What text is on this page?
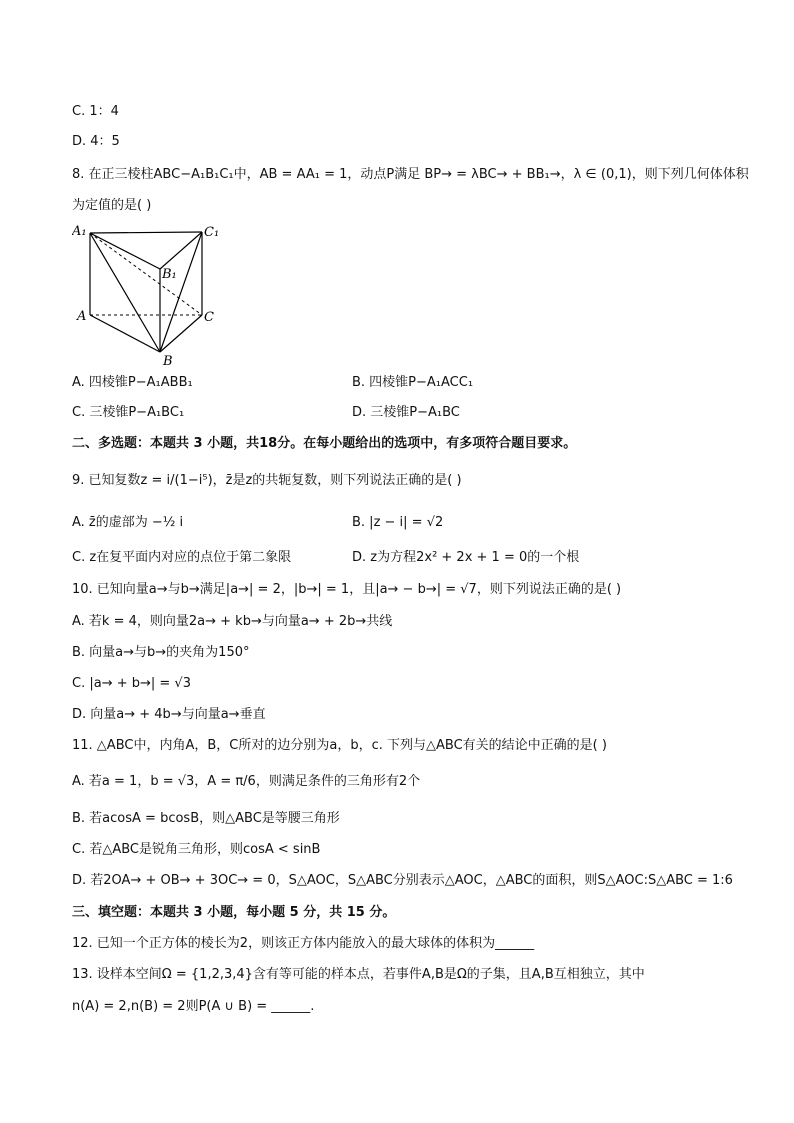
C. 1：4
D. 4：5
8. 在正三棱柱ABC−A₁B₁C₁中，AB = AA₁ = 1，动点P满足 BP→ = λBC→ + BB₁→，λ ∈ (0,1)，则下列几何体体积
为定值的是( )
A₁	C₁
B₁
A	C
B
A. 四棱锥P−A₁ABB₁	B. 四棱锥P−A₁ACC₁
C. 三棱锥P−A₁BC₁	D. 三棱锥P−A₁BC
二、多选题：本题共 3 小题，共18分。在每小题给出的选项中，有多项符合题目要求。
9. 已知复数z = i/(1−i⁵)，z̄是z的共轭复数，则下列说法正确的是( )
A. z̄的虚部为 −½ i	B. |z − i| = √2
C. z在复平面内对应的点位于第二象限	D. z为方程2x² + 2x + 1 = 0的一个根
10. 已知向量a→与b→满足|a→| = 2，|b→| = 1，且|a→ − b→| = √7，则下列说法正确的是( )
A. 若k = 4，则向量2a→ + kb→与向量a→ + 2b→共线
B. 向量a→与b→的夹角为150°
C. |a→ + b→| = √3
D. 向量a→ + 4b→与向量a→垂直
11. △ABC中，内角A，B，C所对的边分别为a，b，c. 下列与△ABC有关的结论中正确的是( )
A. 若a = 1，b = √3，A = π/6，则满足条件的三角形有2个
B. 若acosA = bcosB，则△ABC是等腰三角形
C. 若△ABC是锐角三角形，则cosA < sinB
D. 若2OA→ + OB→ + 3OC→ = 0，S△AOC，S△ABC分别表示△AOC，△ABC的面积，则S△AOC:S△ABC = 1:6
三、填空题：本题共 3 小题，每小题 5 分，共 15 分。
12. 已知一个正方体的棱长为2，则该正方体内能放入的最大球体的体积为______
13. 设样本空间Ω = {1,2,3,4}含有等可能的样本点，若事件A,B是Ω的子集，且A,B互相独立，其中
n(A) = 2,n(B) = 2则P(A ∪ B) = ______.
